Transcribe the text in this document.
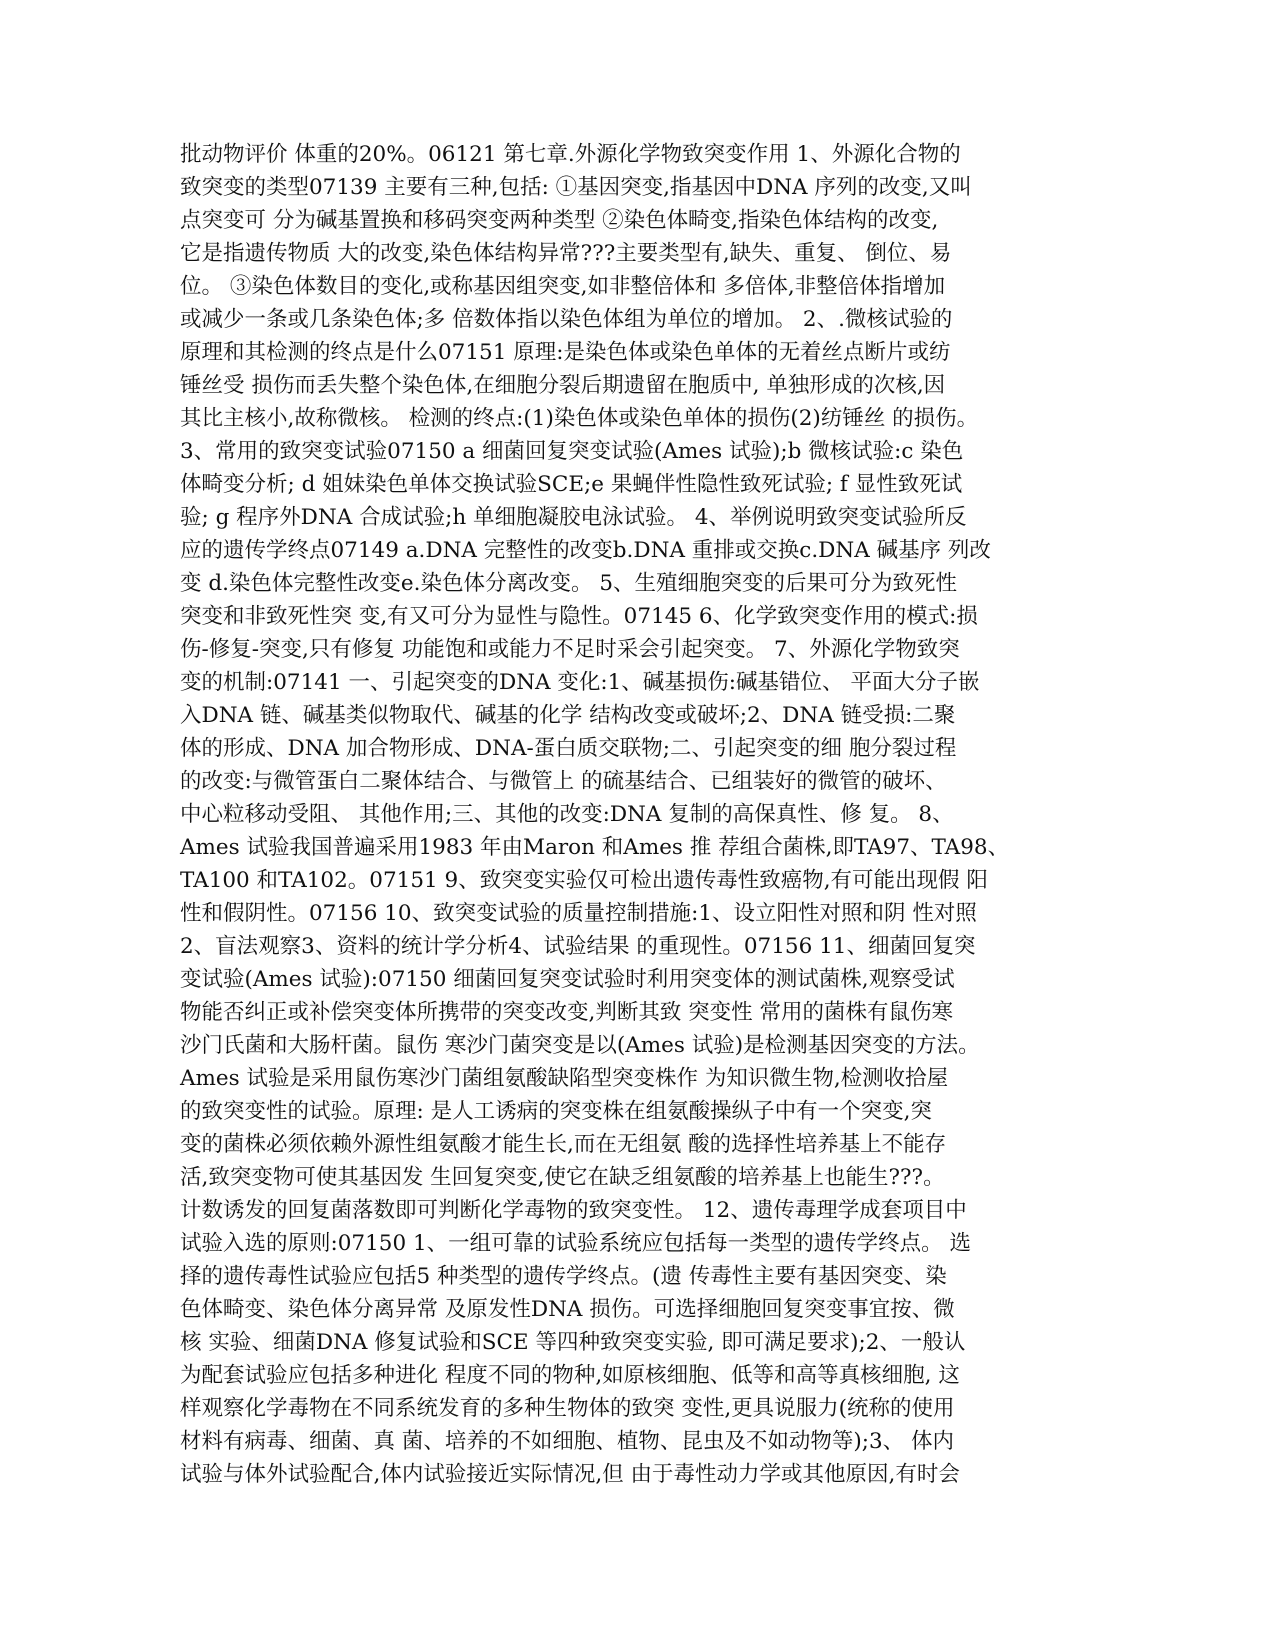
批动物评价 体重的20%。06121 第七章.外源化学物致突变作用 1、外源化合物的
致突变的类型07139 主要有三种,包括: ①基因突变,指基因中DNA 序列的改变,又叫
点突变可 分为碱基置换和移码突变两种类型 ②染色体畸变,指染色体结构的改变,
它是指遗传物质 大的改变,染色体结构异常???主要类型有,缺失、重复、 倒位、易
位。 ③染色体数目的变化,或称基因组突变,如非整倍体和 多倍体,非整倍体指增加
或减少一条或几条染色体;多 倍数体指以染色体组为单位的增加。 2、.微核试验的
原理和其检测的终点是什么07151 原理:是染色体或染色单体的无着丝点断片或纺
锤丝受 损伤而丢失整个染色体,在细胞分裂后期遗留在胞质中, 单独形成的次核,因
其比主核小,故称微核。 检测的终点:(1)染色体或染色单体的损伤(2)纺锤丝 的损伤。
3、常用的致突变试验07150 a 细菌回复突变试验(Ames 试验);b 微核试验:c 染色
体畸变分析; d 姐妹染色单体交换试验SCE;e 果蝇伴性隐性致死试验; f 显性致死试
验; g 程序外DNA 合成试验;h 单细胞凝胶电泳试验。 4、举例说明致突变试验所反
应的遗传学终点07149 a.DNA 完整性的改变b.DNA 重排或交换c.DNA 碱基序 列改
变 d.染色体完整性改变e.染色体分离改变。 5、生殖细胞突变的后果可分为致死性
突变和非致死性突 变,有又可分为显性与隐性。07145 6、化学致突变作用的模式:损
伤-修复-突变,只有修复 功能饱和或能力不足时采会引起突变。 7、外源化学物致突
变的机制:07141 一、引起突变的DNA 变化:1、碱基损伤:碱基错位、 平面大分子嵌
入DNA 链、碱基类似物取代、碱基的化学 结构改变或破坏;2、DNA 链受损:二聚
体的形成、DNA 加合物形成、DNA-蛋白质交联物;二、引起突变的细 胞分裂过程
的改变:与微管蛋白二聚体结合、与微管上 的硫基结合、已组装好的微管的破坏、
中心粒移动受阻、 其他作用;三、其他的改变:DNA 复制的高保真性、修 复。 8、
Ames 试验我国普遍采用1983 年由Maron 和Ames 推 荐组合菌株,即TA97、TA98、
TA100 和TA102。07151 9、致突变实验仅可检出遗传毒性致癌物,有可能出现假 阳
性和假阴性。07156 10、致突变试验的质量控制措施:1、设立阳性对照和阴 性对照
2、盲法观察3、资料的统计学分析4、试验结果 的重现性。07156 11、细菌回复突
变试验(Ames 试验):07150 细菌回复突变试验时利用突变体的测试菌株,观察受试
物能否纠正或补偿突变体所携带的突变改变,判断其致 突变性 常用的菌株有鼠伤寒
沙门氏菌和大肠杆菌。鼠伤 寒沙门菌突变是以(Ames 试验)是检测基因突变的方法。
Ames 试验是采用鼠伤寒沙门菌组氨酸缺陷型突变株作 为知识微生物,检测收拾屋
的致突变性的试验。原理: 是人工诱病的突变株在组氨酸操纵子中有一个突变,突
变的菌株必须依赖外源性组氨酸才能生长,而在无组氨 酸的选择性培养基上不能存
活,致突变物可使其基因发 生回复突变,使它在缺乏组氨酸的培养基上也能生???。
计数诱发的回复菌落数即可判断化学毒物的致突变性。 12、遗传毒理学成套项目中
试验入选的原则:07150 1、一组可靠的试验系统应包括每一类型的遗传学终点。 选
择的遗传毒性试验应包括5 种类型的遗传学终点。(遗 传毒性主要有基因突变、染
色体畸变、染色体分离异常 及原发性DNA 损伤。可选择细胞回复突变事宜按、微
核 实验、细菌DNA 修复试验和SCE 等四种致突变实验, 即可满足要求);2、一般认
为配套试验应包括多种进化 程度不同的物种,如原核细胞、低等和高等真核细胞, 这
样观察化学毒物在不同系统发育的多种生物体的致突 变性,更具说服力(统称的使用
材料有病毒、细菌、真 菌、培养的不如细胞、植物、昆虫及不如动物等);3、 体内
试验与体外试验配合,体内试验接近实际情况,但 由于毒性动力学或其他原因,有时会
